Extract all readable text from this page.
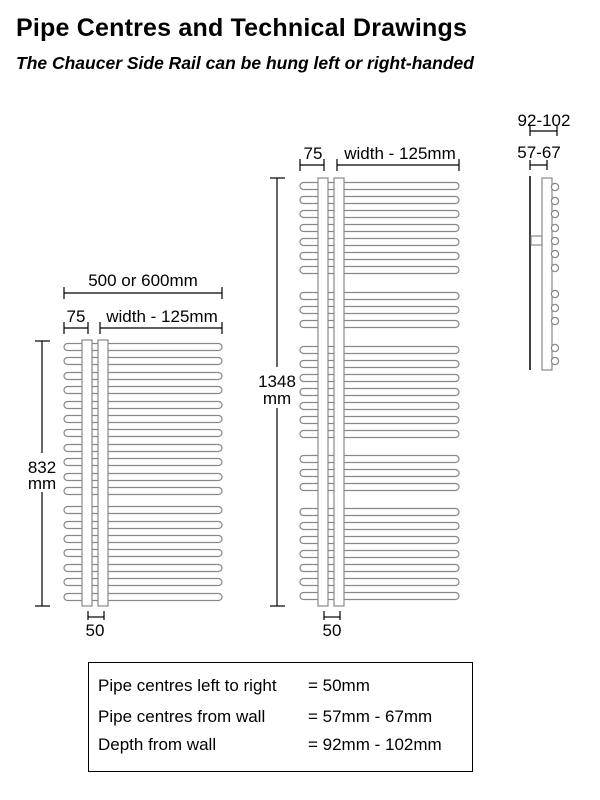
Pipe Centres and Technical Drawings
The Chaucer Side Rail can be hung left or right-handed
500 or 600mm
75 width - 125mm
832
mm
50
75 width - 125mm
1348
mm
50
92-102
57-67
Pipe centres left to right = 50mm
Pipe centres from wall	= 57mm - 67mm
Depth from wall	= 92mm - 102mm
